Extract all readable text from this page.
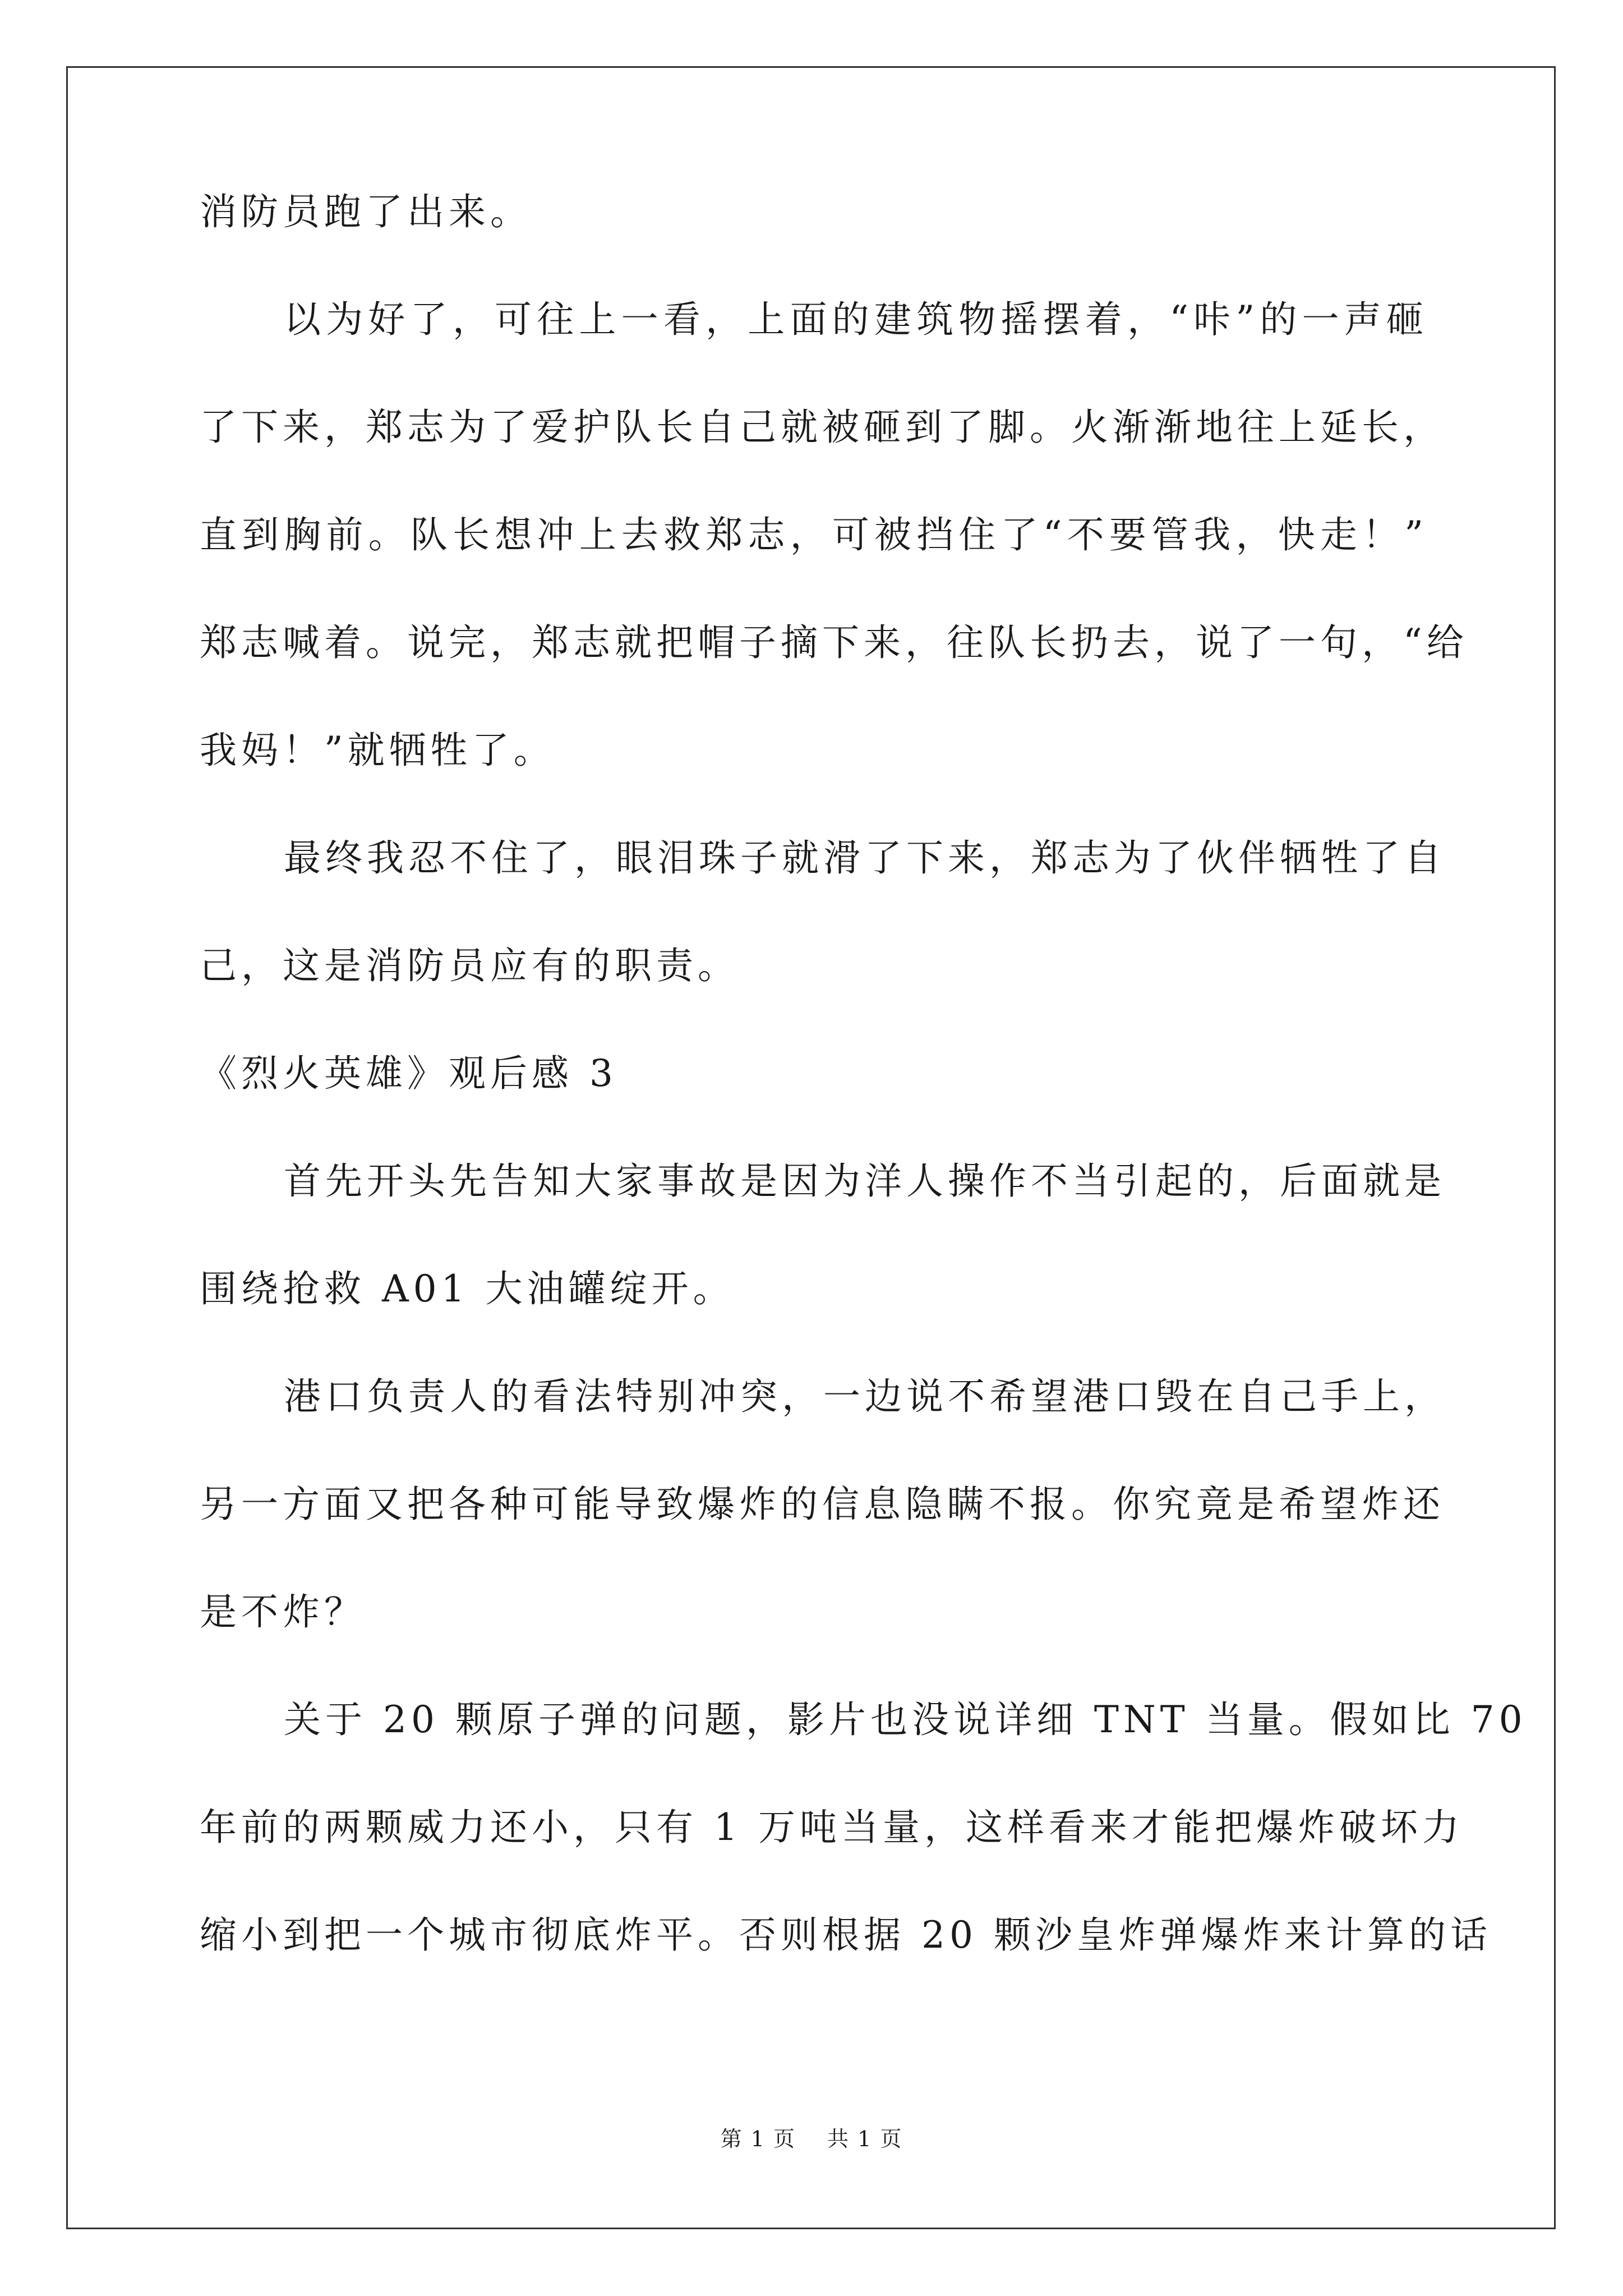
消防员跑了出来。
以为好了，可往上一看，上面的建筑物摇摆着，“咔”的一声砸
了下来，郑志为了爱护队长自己就被砸到了脚。火渐渐地往上延长，
直到胸前。队长想冲上去救郑志，可被挡住了“不要管我，快走！”
郑志喊着。说完，郑志就把帽子摘下来，往队长扔去，说了一句，“给
我妈！”就牺牲了。
最终我忍不住了，眼泪珠子就滑了下来，郑志为了伙伴牺牲了自
己，这是消防员应有的职责。
《烈火英雄》观后感 3
首先开头先告知大家事故是因为洋人操作不当引起的，后面就是
围绕抢救 A01 大油罐绽开。
港口负责人的看法特别冲突，一边说不希望港口毁在自己手上，
另一方面又把各种可能导致爆炸的信息隐瞒不报。你究竟是希望炸还
是不炸？
关于 20 颗原子弹的问题，影片也没说详细 TNT 当量。假如比 70
年前的两颗威力还小，只有 1 万吨当量，这样看来才能把爆炸破坏力
缩小到把一个城市彻底炸平。否则根据 20 颗沙皇炸弹爆炸来计算的话
第 1 页 共 1 页
